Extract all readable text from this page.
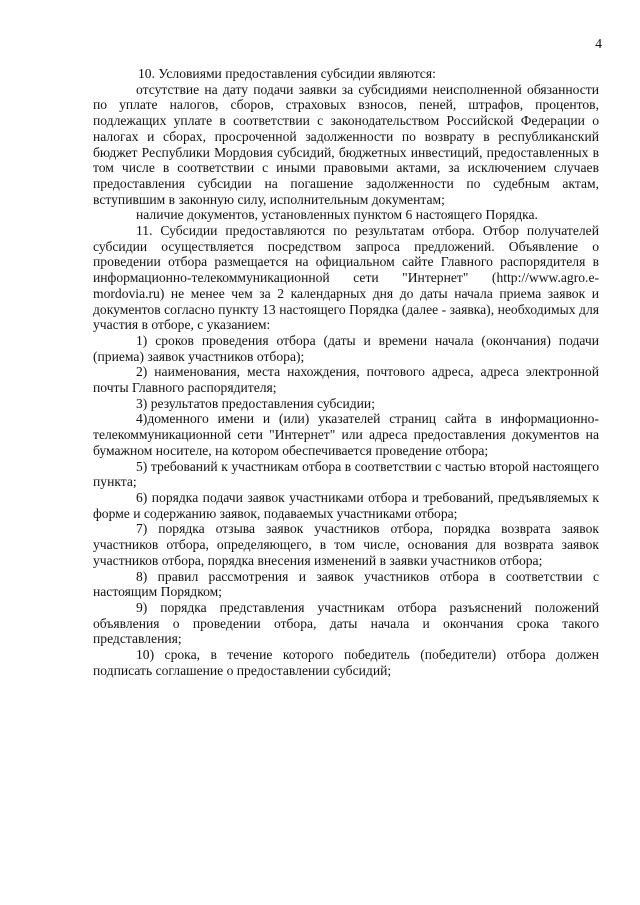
4

10. Условиями предоставления субсидии являются:

отсутствие на дату подачи заявки за субсидиями неисполненной обязанности по уплате налогов, сборов, страховых взносов, пеней, штрафов, процентов, подлежащих уплате в соответствии с законодательством Российской Федерации о налогах и сборах, просроченной задолженности по возврату в республиканский бюджет Республики Мордовия субсидий, бюджетных инвестиций, предоставленных в том числе в соответствии с иными правовыми актами, за исключением случаев предоставления субсидии на погашение задолженности по судебным актам, вступившим в законную силу, исполнительным документам;

наличие документов, установленных пунктом 6 настоящего Порядка.

11. Субсидии предоставляются по результатам отбора. Отбор получателей субсидии осуществляется посредством запроса предложений. Объявление о проведении отбора размещается на официальном сайте Главного распорядителя в информационно-телекоммуникационной сети "Интернет" (http://www.agro.e-mordovia.ru) не менее чем за 2 календарных дня до даты начала приема заявок и документов согласно пункту 13 настоящего Порядка (далее - заявка), необходимых для участия в отборе, с указанием:

1) сроков проведения отбора (даты и времени начала (окончания) подачи (приема) заявок участников отбора);

2) наименования, места нахождения, почтового адреса, адреса электронной почты Главного распорядителя;

3) результатов предоставления субсидии;

4)доменного имени и (или) указателей страниц сайта в информационно-телекоммуникационной сети "Интернет" или адреса предоставления документов на бумажном носителе, на котором обеспечивается проведение отбора;

5) требований к участникам отбора в соответствии с частью второй настоящего пункта;

6) порядка подачи заявок участниками отбора и требований, предъявляемых к форме и содержанию заявок, подаваемых участниками отбора;

7) порядка отзыва заявок участников отбора, порядка возврата заявок участников отбора, определяющего, в том числе, основания для возврата заявок участников отбора, порядка внесения изменений в заявки участников отбора;

8) правил рассмотрения и заявок участников отбора в соответствии с настоящим Порядком;

9) порядка представления участникам отбора разъяснений положений объявления о проведении отбора, даты начала и окончания срока такого представления;

10) срока, в течение которого победитель (победители) отбора должен подписать соглашение о предоставлении субсидий;
